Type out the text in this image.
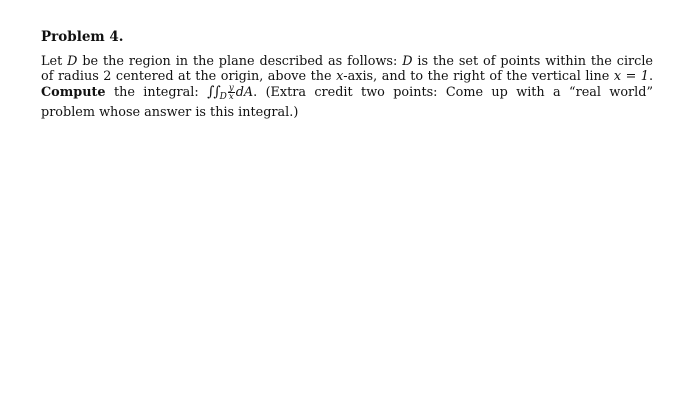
Problem 4.

Let D be the region in the plane described as follows: D is the set of points within the circle of radius 2 centered at the origin, above the x-axis, and to the right of the vertical line x = 1. Compute the integral: $\int\int_D \frac{y}{x}$ dA. (Extra credit two points: Come up with a “real world” problem whose answer is this integral.)
